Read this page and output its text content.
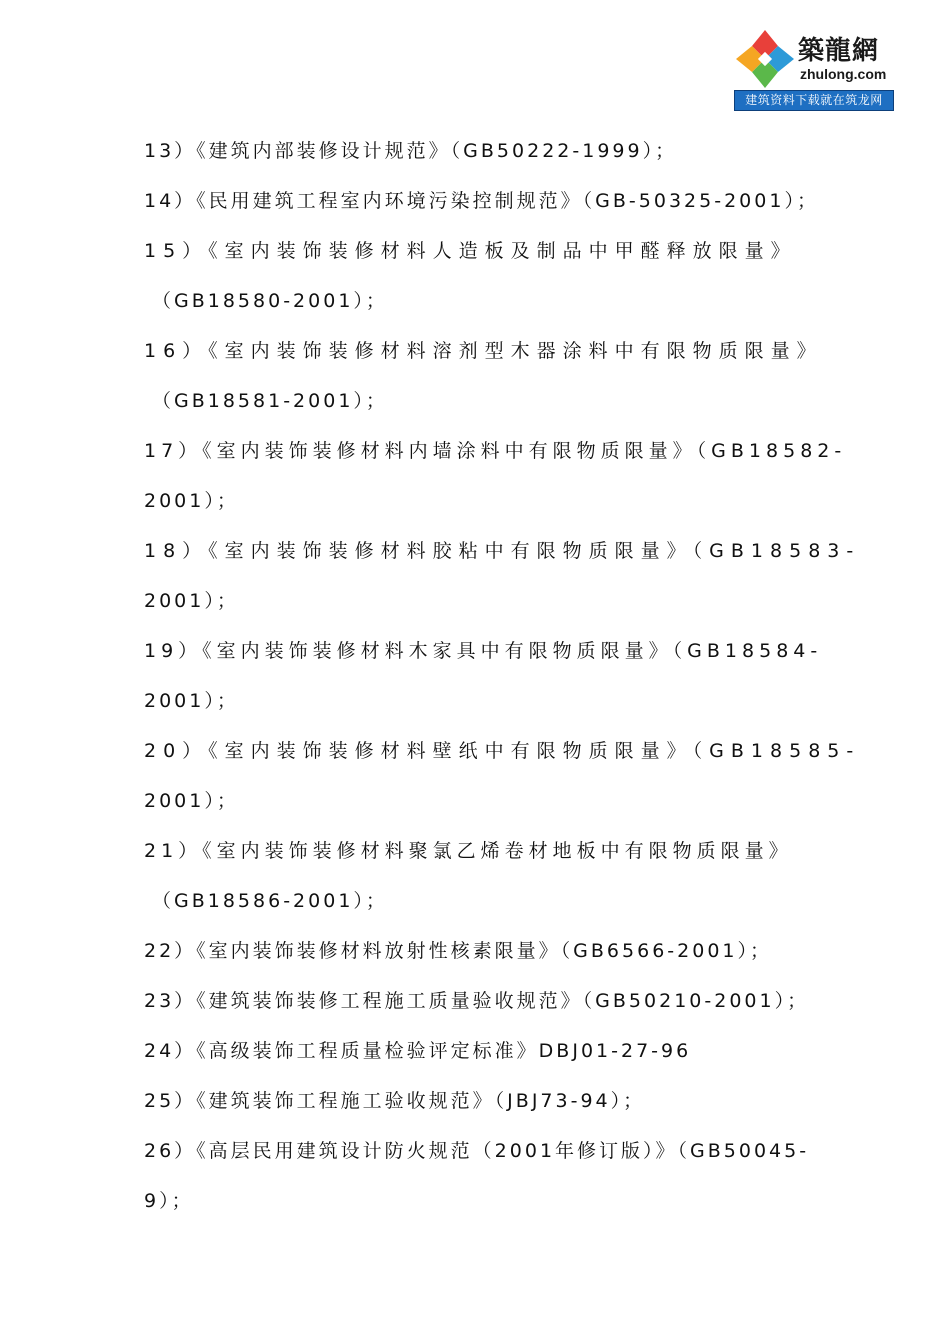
築龍網
zhulong.com
建筑资料下载就在筑龙网
13）《建筑内部装修设计规范》（GB50222-1999）；
14）《民用建筑工程室内环境污染控制规范》（GB-50325-2001）；
15）《室内装饰装修材料人造板及制品中甲醛释放限量》
（GB18580-2001）；
16）《室内装饰装修材料溶剂型木器涂料中有限物质限量》
（GB18581-2001）；
17）《室内装饰装修材料内墙涂料中有限物质限量》（GB18582-
2001）；
18）《室内装饰装修材料胶粘中有限物质限量》（GB18583-
2001）；
19）《室内装饰装修材料木家具中有限物质限量》（GB18584-
2001）；
20）《室内装饰装修材料壁纸中有限物质限量》（GB18585-
2001）；
21）《室内装饰装修材料聚氯乙烯卷材地板中有限物质限量》
（GB18586-2001）；
22）《室内装饰装修材料放射性核素限量》（GB6566-2001）；
23）《建筑装饰装修工程施工质量验收规范》（GB50210-2001）；
24）《高级装饰工程质量检验评定标准》DBJ01-27-96
25）《建筑装饰工程施工验收规范》（JBJ73-94）；
26）《高层民用建筑设计防火规范（2001年修订版）》（GB50045-
9）；
